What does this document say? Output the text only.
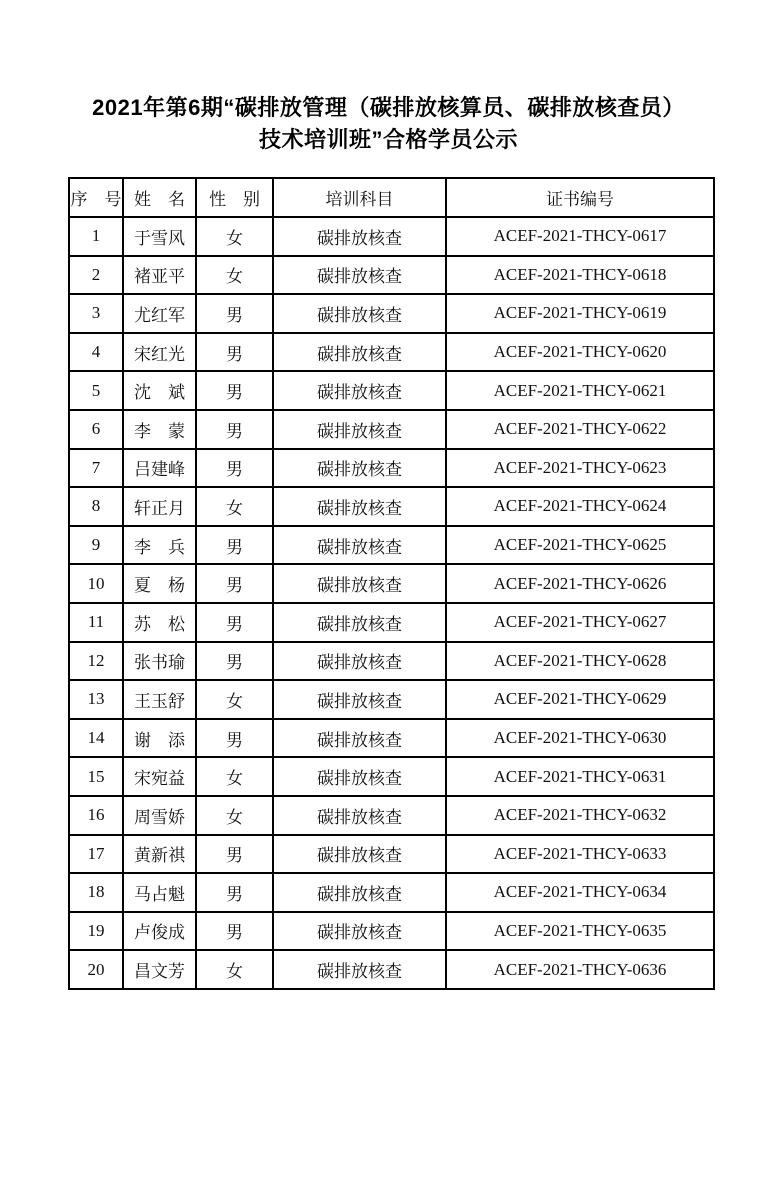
2021年第6期“碳排放管理（碳排放核算员、碳排放核查员）
技术培训班”合格学员公示
序　号	姓　名	性　别	培训科目	证书编号
1	于雪风	女	碳排放核查	ACEF-2021-THCY-0617
2	褚亚平	女	碳排放核查	ACEF-2021-THCY-0618
3	尤红军	男	碳排放核查	ACEF-2021-THCY-0619
4	宋红光	男	碳排放核查	ACEF-2021-THCY-0620
5	沈　斌	男	碳排放核查	ACEF-2021-THCY-0621
6	李　蒙	男	碳排放核查	ACEF-2021-THCY-0622
7	吕建峰	男	碳排放核查	ACEF-2021-THCY-0623
8	轩正月	女	碳排放核查	ACEF-2021-THCY-0624
9	李　兵	男	碳排放核查	ACEF-2021-THCY-0625
10	夏　杨	男	碳排放核查	ACEF-2021-THCY-0626
11	苏　松	男	碳排放核查	ACEF-2021-THCY-0627
12	张书瑜	男	碳排放核查	ACEF-2021-THCY-0628
13	王玉舒	女	碳排放核查	ACEF-2021-THCY-0629
14	谢　添	男	碳排放核查	ACEF-2021-THCY-0630
15	宋宛益	女	碳排放核查	ACEF-2021-THCY-0631
16	周雪娇	女	碳排放核查	ACEF-2021-THCY-0632
17	黄新祺	男	碳排放核查	ACEF-2021-THCY-0633
18	马占魁	男	碳排放核查	ACEF-2021-THCY-0634
19	卢俊成	男	碳排放核查	ACEF-2021-THCY-0635
20	昌文芳	女	碳排放核查	ACEF-2021-THCY-0636
